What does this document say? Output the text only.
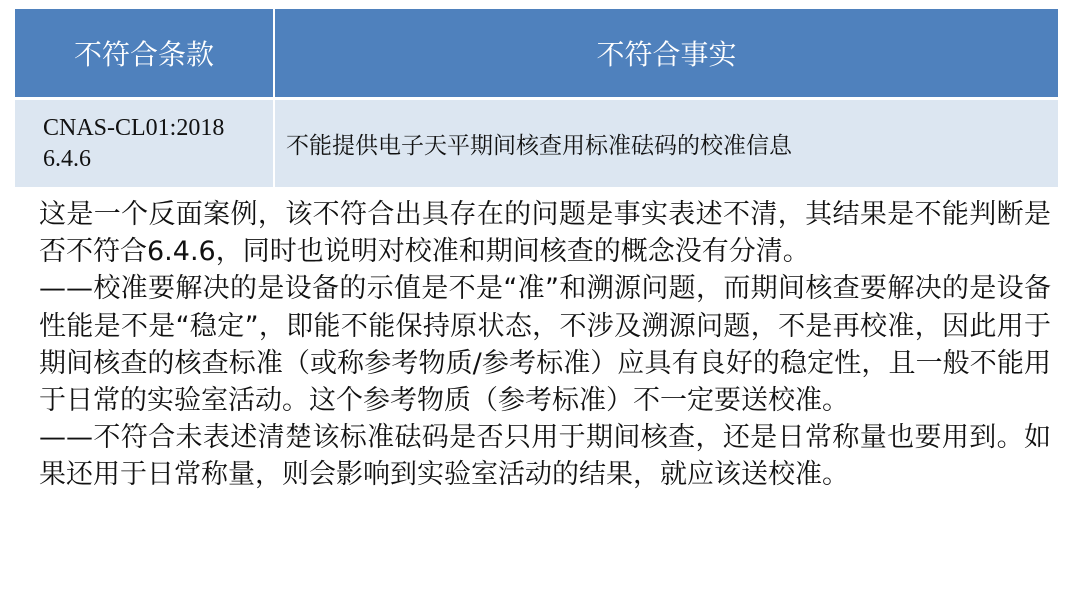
不符合条款	不符合事实

CNAS-CL01:2018
6.4.6	不能提供电子天平期间核查用标准砝码的校准信息

这是一个反面案例，该不符合出具存在的问题是事实表述不清，其结果是不能判断是否不符合6.4.6，同时也说明对校准和期间核查的概念没有分清。

——校准要解决的是设备的示值是不是“准”和溯源问题，而期间核查要解决的是设备性能是不是“稳定”，即能不能保持原状态，不涉及溯源问题，不是再校准，因此用于期间核查的核查标准（或称参考物质/参考标准）应具有良好的稳定性，且一般不能用于日常的实验室活动。这个参考物质（参考标准）不一定要送校准。

——不符合未表述清楚该标准砝码是否只用于期间核查，还是日常称量也要用到。如果还用于日常称量，则会影响到实验室活动的结果，就应该送校准。
